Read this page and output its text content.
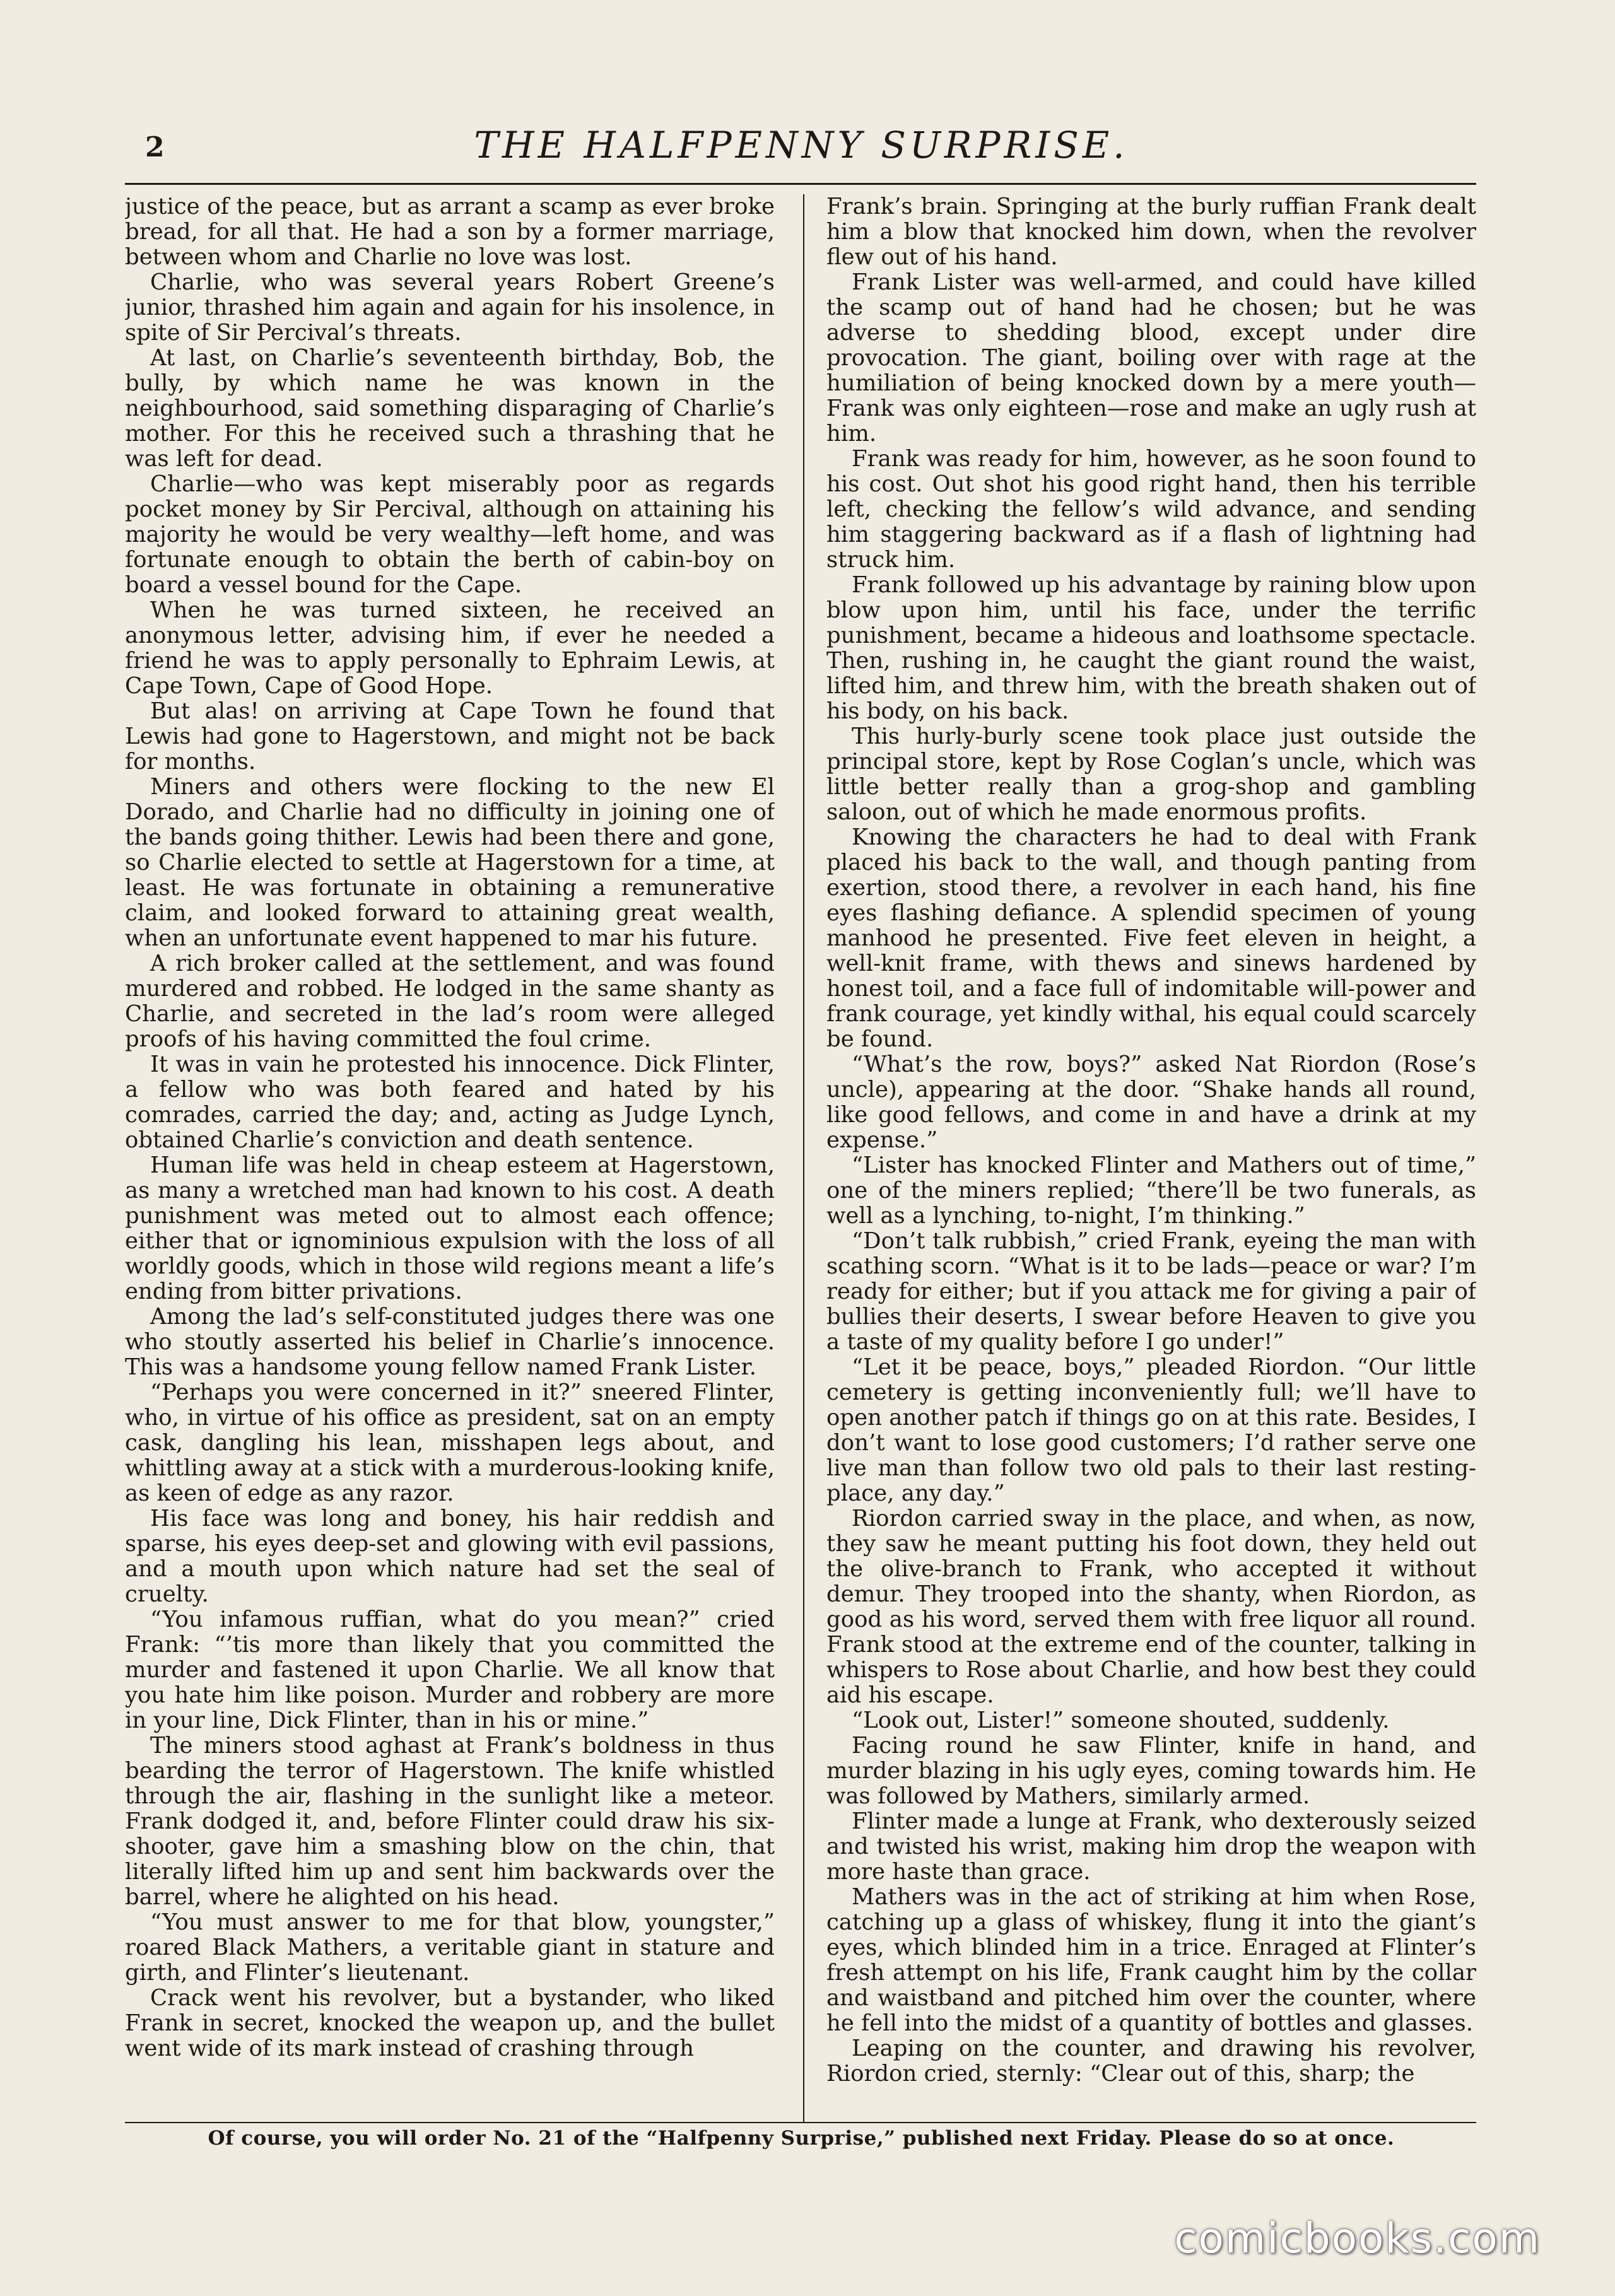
2	THE HALFPENNY SURPRISE.

justice of the peace, but as arrant a scamp as ever broke bread, for all that. He had a son by a former marriage, between whom and Charlie no love was lost.

Charlie, who was several years Robert Greene’s junior, thrashed him again and again for his insolence, in spite of Sir Percival’s threats.

At last, on Charlie’s seventeenth birthday, Bob, the bully, by which name he was known in the neighbourhood, said something disparaging of Charlie’s mother. For this he received such a thrashing that he was left for dead.

Charlie—who was kept miserably poor as regards pocket money by Sir Percival, although on attaining his majority he would be very wealthy—left home, and was fortunate enough to obtain the berth of cabin-boy on board a vessel bound for the Cape.

When he was turned sixteen, he received an anonymous letter, advising him, if ever he needed a friend he was to apply personally to Ephraim Lewis, at Cape Town, Cape of Good Hope.

But alas! on arriving at Cape Town he found that Lewis had gone to Hagerstown, and might not be back for months.

Miners and others were flocking to the new El Dorado, and Charlie had no difficulty in joining one of the bands going thither. Lewis had been there and gone, so Charlie elected to settle at Hagerstown for a time, at least. He was fortunate in obtaining a remunerative claim, and looked forward to attaining great wealth, when an unfortunate event happened to mar his future.

A rich broker called at the settlement, and was found murdered and robbed. He lodged in the same shanty as Charlie, and secreted in the lad’s room were alleged proofs of his having committed the foul crime.

It was in vain he protested his innocence. Dick Flinter, a fellow who was both feared and hated by his comrades, carried the day; and, acting as Judge Lynch, obtained Charlie’s conviction and death sentence.

Human life was held in cheap esteem at Hagerstown, as many a wretched man had known to his cost. A death punishment was meted out to almost each offence; either that or ignominious expulsion with the loss of all worldly goods, which in those wild regions meant a life’s ending from bitter privations.

Among the lad’s self-constituted judges there was one who stoutly asserted his belief in Charlie’s innocence. This was a handsome young fellow named Frank Lister.

“Perhaps you were concerned in it?” sneered Flinter, who, in virtue of his office as president, sat on an empty cask, dangling his lean, misshapen legs about, and whittling away at a stick with a murderous-looking knife, as keen of edge as any razor.

His face was long and boney, his hair reddish and sparse, his eyes deep-set and glowing with evil passions, and a mouth upon which nature had set the seal of cruelty.

“You infamous ruffian, what do you mean?” cried Frank: “’tis more than likely that you committed the murder and fastened it upon Charlie. We all know that you hate him like poison. Murder and robbery are more in your line, Dick Flinter, than in his or mine.”

The miners stood aghast at Frank’s boldness in thus bearding the terror of Hagerstown. The knife whistled through the air, flashing in the sunlight like a meteor. Frank dodged it, and, before Flinter could draw his six-shooter, gave him a smashing blow on the chin, that literally lifted him up and sent him backwards over the barrel, where he alighted on his head.

“You must answer to me for that blow, youngster,” roared Black Mathers, a veritable giant in stature and girth, and Flinter’s lieutenant.

Crack went his revolver, but a bystander, who liked Frank in secret, knocked the weapon up, and the bullet went wide of its mark instead of crashing through

Frank’s brain. Springing at the burly ruffian Frank dealt him a blow that knocked him down, when the revolver flew out of his hand.

Frank Lister was well-armed, and could have killed the scamp out of hand had he chosen; but he was adverse to shedding blood, except under dire provocation. The giant, boiling over with rage at the humiliation of being knocked down by a mere youth—Frank was only eighteen—rose and make an ugly rush at him.

Frank was ready for him, however, as he soon found to his cost. Out shot his good right hand, then his terrible left, checking the fellow’s wild advance, and sending him staggering backward as if a flash of lightning had struck him.

Frank followed up his advantage by raining blow upon blow upon him, until his face, under the terrific punishment, became a hideous and loathsome spectacle. Then, rushing in, he caught the giant round the waist, lifted him, and threw him, with the breath shaken out of his body, on his back.

This hurly-burly scene took place just outside the principal store, kept by Rose Coglan’s uncle, which was little better really than a grog-shop and gambling saloon, out of which he made enormous profits.

Knowing the characters he had to deal with Frank placed his back to the wall, and though panting from exertion, stood there, a revolver in each hand, his fine eyes flashing defiance. A splendid specimen of young manhood he presented. Five feet eleven in height, a well-knit frame, with thews and sinews hardened by honest toil, and a face full of indomitable will-power and frank courage, yet kindly withal, his equal could scarcely be found.

“What’s the row, boys?” asked Nat Riordon (Rose’s uncle), appearing at the door. “Shake hands all round, like good fellows, and come in and have a drink at my expense.”

“Lister has knocked Flinter and Mathers out of time,” one of the miners replied; “there’ll be two funerals, as well as a lynching, to-night, I’m thinking.”

“Don’t talk rubbish,” cried Frank, eyeing the man with scathing scorn. “What is it to be lads—peace or war? I’m ready for either; but if you attack me for giving a pair of bullies their deserts, I swear before Heaven to give you a taste of my quality before I go under!”

“Let it be peace, boys,” pleaded Riordon. “Our little cemetery is getting inconveniently full; we’ll have to open another patch if things go on at this rate. Besides, I don’t want to lose good customers; I’d rather serve one live man than follow two old pals to their last resting-place, any day.”

Riordon carried sway in the place, and when, as now, they saw he meant putting his foot down, they held out the olive-branch to Frank, who accepted it without demur. They trooped into the shanty, when Riordon, as good as his word, served them with free liquor all round. Frank stood at the extreme end of the counter, talking in whispers to Rose about Charlie, and how best they could aid his escape.

“Look out, Lister!” someone shouted, suddenly.

Facing round he saw Flinter, knife in hand, and murder blazing in his ugly eyes, coming towards him. He was followed by Mathers, similarly armed.

Flinter made a lunge at Frank, who dexterously seized and twisted his wrist, making him drop the weapon with more haste than grace.

Mathers was in the act of striking at him when Rose, catching up a glass of whiskey, flung it into the giant’s eyes, which blinded him in a trice. Enraged at Flinter’s fresh attempt on his life, Frank caught him by the collar and waistband and pitched him over the counter, where he fell into the midst of a quantity of bottles and glasses.

Leaping on the counter, and drawing his revolver, Riordon cried, sternly: “Clear out of this, sharp; the

Of course, you will order No. 21 of the “Halfpenny Surprise,” published next Friday. Please do so at once.
comicbooks.com
